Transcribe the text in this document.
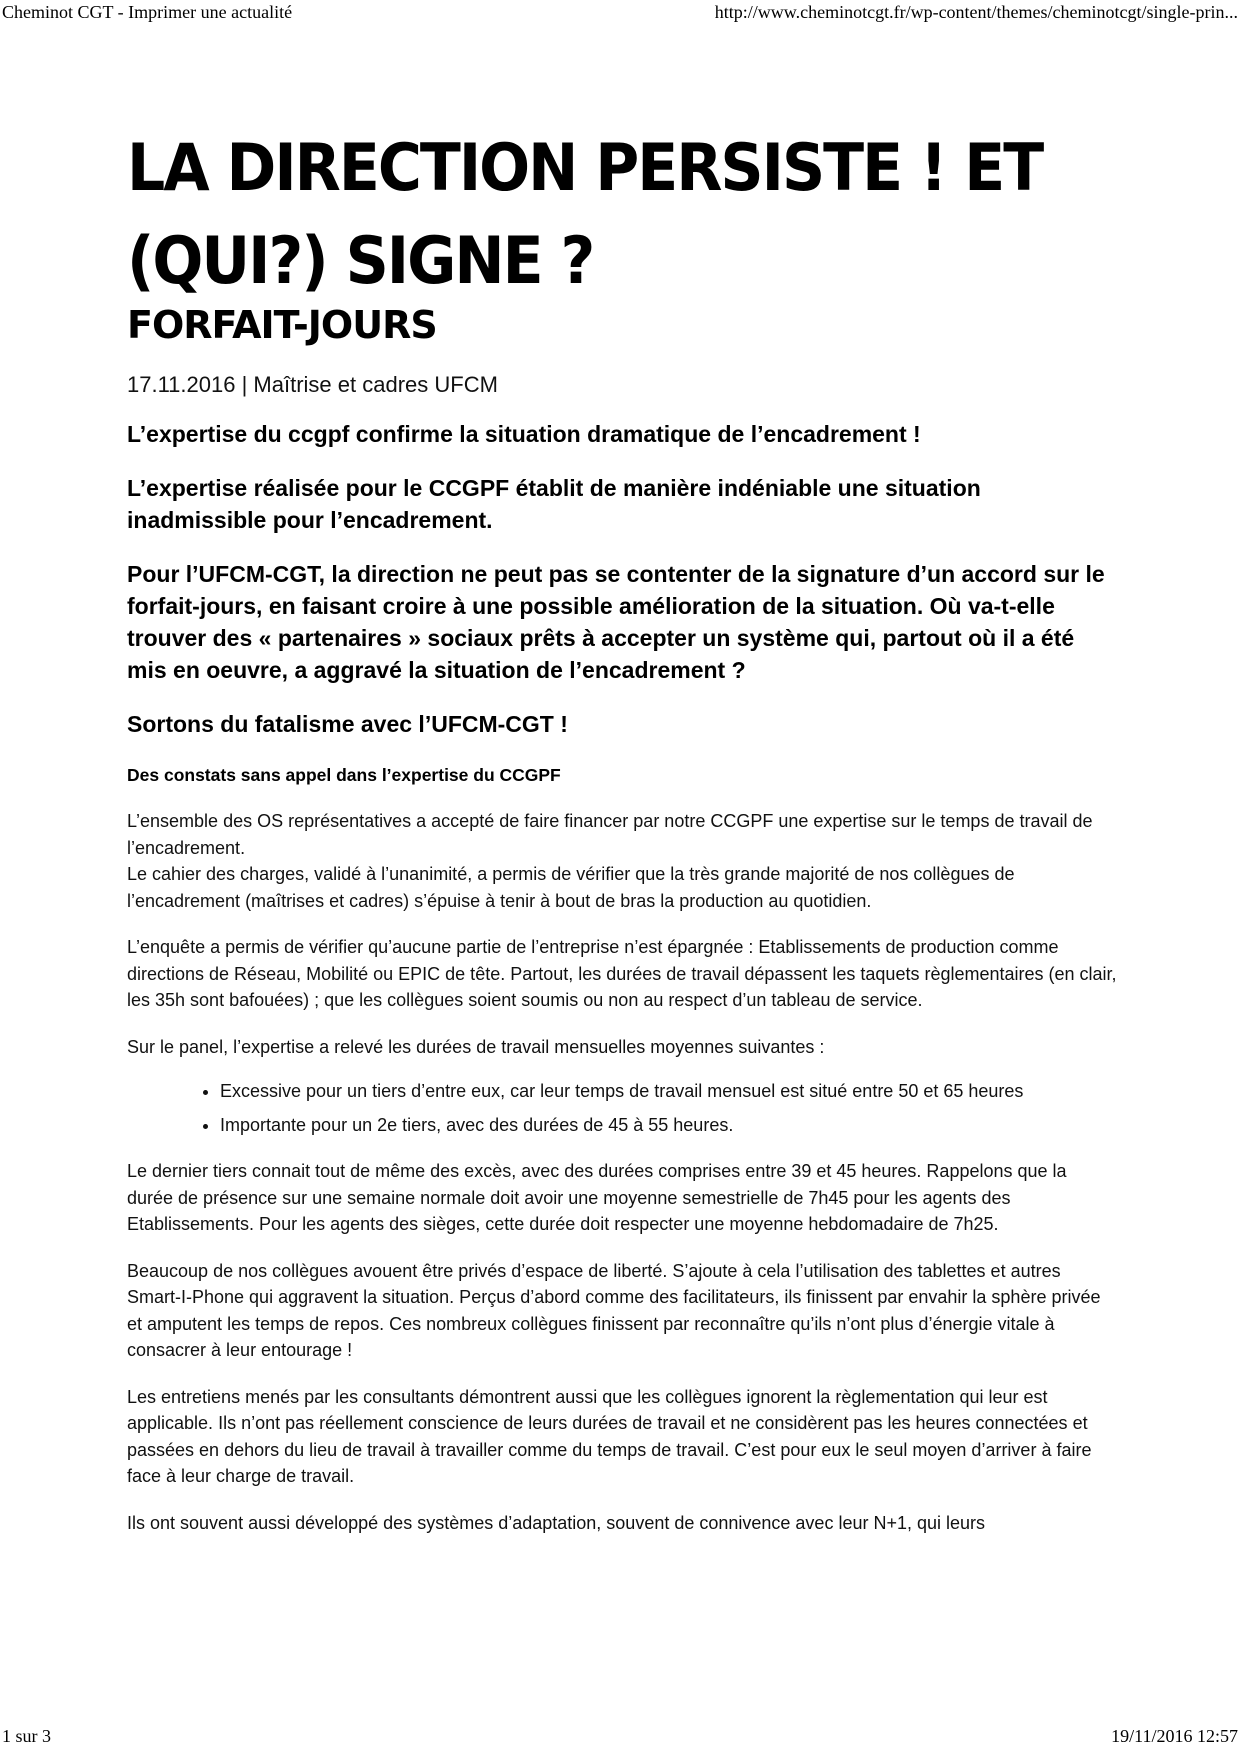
Cheminot CGT - Imprimer une actualité	http://www.cheminotcgt.fr/wp-content/themes/cheminotcgt/single-prin...
LA DIRECTION PERSISTE ! ET (QUI?) SIGNE ?
FORFAIT-JOURS

17.11.2016 | Maîtrise et cadres UFCM

L’expertise du ccgpf confirme la situation dramatique de l’encadrement !

L’expertise réalisée pour le CCGPF établit de manière indéniable une situation inadmissible pour l’encadrement.

Pour l’UFCM-CGT, la direction ne peut pas se contenter de la signature d’un accord sur le forfait-jours, en faisant croire à une possible amélioration de la situation. Où va-t-elle trouver des « partenaires » sociaux prêts à accepter un système qui, partout où il a été mis en oeuvre, a aggravé la situation de l’encadrement ?

Sortons du fatalisme avec l’UFCM-CGT !

Des constats sans appel dans l’expertise du CCGPF

L’ensemble des OS représentatives a accepté de faire financer par notre CCGPF une expertise sur le temps de travail de l’encadrement.
Le cahier des charges, validé à l’unanimité, a permis de vérifier que la très grande majorité de nos collègues de l’encadrement (maîtrises et cadres) s’épuise à tenir à bout de bras la production au quotidien.

L’enquête a permis de vérifier qu’aucune partie de l’entreprise n’est épargnée : Etablissements de production comme directions de Réseau, Mobilité ou EPIC de tête. Partout, les durées de travail dépassent les taquets règlementaires (en clair, les 35h sont bafouées) ; que les collègues soient soumis ou non au respect d’un tableau de service.

Sur le panel, l’expertise a relevé les durées de travail mensuelles moyennes suivantes :

• Excessive pour un tiers d’entre eux, car leur temps de travail mensuel est situé entre 50 et 65 heures
• Importante pour un 2e tiers, avec des durées de 45 à 55 heures.

Le dernier tiers connait tout de même des excès, avec des durées comprises entre 39 et 45 heures. Rappelons que la durée de présence sur une semaine normale doit avoir une moyenne semestrielle de 7h45 pour les agents des Etablissements. Pour les agents des sièges, cette durée doit respecter une moyenne hebdomadaire de 7h25.

Beaucoup de nos collègues avouent être privés d’espace de liberté. S’ajoute à cela l’utilisation des tablettes et autres Smart-I-Phone qui aggravent la situation. Perçus d’abord comme des facilitateurs, ils finissent par envahir la sphère privée et amputent les temps de repos. Ces nombreux collègues finissent par reconnaître qu’ils n’ont plus d’énergie vitale à consacrer à leur entourage !

Les entretiens menés par les consultants démontrent aussi que les collègues ignorent la règlementation qui leur est applicable. Ils n’ont pas réellement conscience de leurs durées de travail et ne considèrent pas les heures connectées et passées en dehors du lieu de travail à travailler comme du temps de travail. C’est pour eux le seul moyen d’arriver à faire face à leur charge de travail.

Ils ont souvent aussi développé des systèmes d’adaptation, souvent de connivence avec leur N+1, qui leurs

1 sur 3	19/11/2016 12:57
